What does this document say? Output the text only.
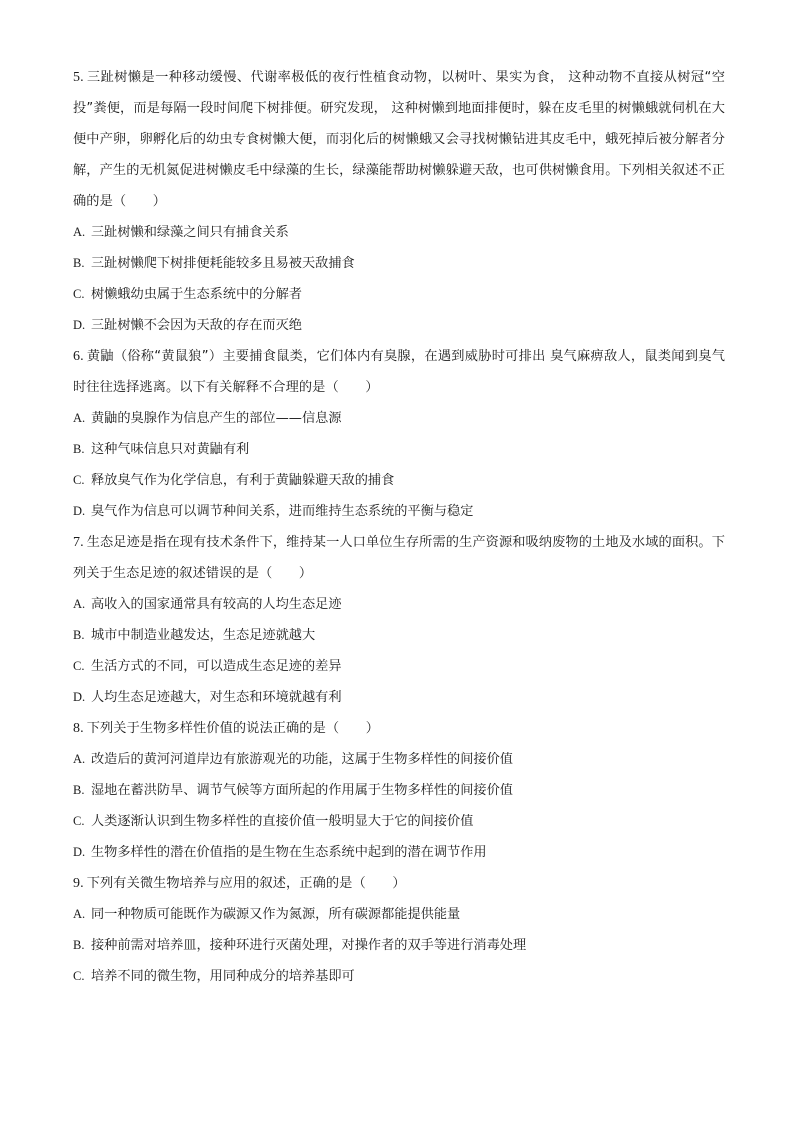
5. 三趾树懒是一种移动缓慢、代谢率极低的夜行性植食动物，以树叶、果实为食， 这种动物不直接从树冠“空投”粪便，而是每隔一段时间爬下树排便。研究发现， 这种树懒到地面排便时，躲在皮毛里的树懒蛾就伺机在大便中产卵，卵孵化后的幼虫专食树懒大便，而羽化后的树懒蛾又会寻找树懒钻进其皮毛中，蛾死掉后被分解者分解，产生的无机氮促进树懒皮毛中绿藻的生长，绿藻能帮助树懒躲避天敌，也可供树懒食用。下列相关叙述不正确的是（　　）

A. 三趾树懒和绿藻之间只有捕食关系

B. 三趾树懒爬下树排便耗能较多且易被天敌捕食

C. 树懒蛾幼虫属于生态系统中的分解者

D. 三趾树懒不会因为天敌的存在而灭绝

6. 黄鼬（俗称“黄鼠狼”）主要捕食鼠类，它们体内有臭腺，在遇到威胁时可排出 臭气麻痹敌人，鼠类闻到臭气时往往选择逃离。以下有关解释不合理的是（　　）

A. 黄鼬的臭腺作为信息产生的部位——信息源

B. 这种气味信息只对黄鼬有利

C. 释放臭气作为化学信息，有利于黄鼬躲避天敌的捕食

D. 臭气作为信息可以调节种间关系，进而维持生态系统的平衡与稳定

7. 生态足迹是指在现有技术条件下，维持某一人口单位生存所需的生产资源和吸纳废物的土地及水域的面积。下列关于生态足迹的叙述错误的是（　　）

A. 高收入的国家通常具有较高的人均生态足迹

B. 城市中制造业越发达，生态足迹就越大

C. 生活方式的不同，可以造成生态足迹的差异

D. 人均生态足迹越大，对生态和环境就越有利

8. 下列关于生物多样性价值的说法正确的是（　　）

A. 改造后的黄河河道岸边有旅游观光的功能，这属于生物多样性的间接价值

B. 湿地在蓄洪防旱、调节气候等方面所起的作用属于生物多样性的间接价值

C. 人类逐渐认识到生物多样性的直接价值一般明显大于它的间接价值

D. 生物多样性的潜在价值指的是生物在生态系统中起到的潜在调节作用

9. 下列有关微生物培养与应用的叙述，正确的是（　　）

A. 同一种物质可能既作为碳源又作为氮源，所有碳源都能提供能量

B. 接种前需对培养皿，接种环进行灭菌处理，对操作者的双手等进行消毒处理

C. 培养不同的微生物，用同种成分的培养基即可
